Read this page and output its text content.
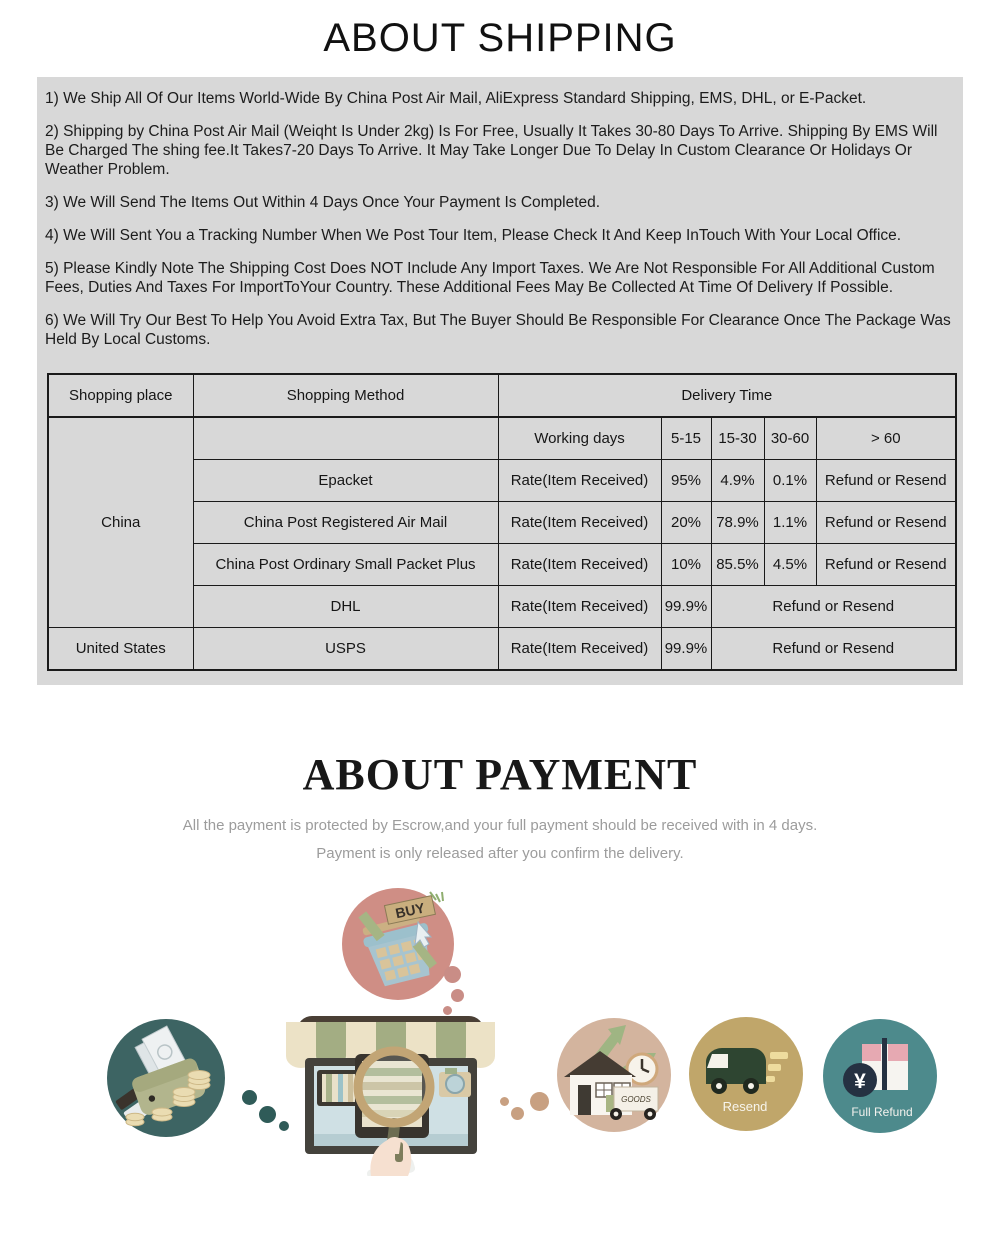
ABOUT SHIPPING

1) We Ship All Of Our Items World-Wide By China Post Air Mail, AliExpress Standard Shipping, EMS, DHL, or E-Packet.

2) Shipping by China Post Air Mail (Weiqht Is Under 2kg) Is For Free, Usually It Takes 30-80 Days To Arrive. Shipping By EMS Will Be Charged The shing fee.It Takes7-20 Days To Arrive. It May Take Longer Due To Delay In Custom Clearance Or Holidays Or Weather Problem.

3) We Will Send The Items Out Within 4 Days Once Your Payment Is Completed.

4) We Will Sent You a Tracking Number When We Post Tour Item, Please Check It And Keep InTouch With Your Local Office.

5) Please Kindly Note The Shipping Cost Does NOT Include Any Import Taxes. We Are Not Responsible For All Additional Custom Fees, Duties And Taxes For ImportToYour Country. These Additional Fees May Be Collected At Time Of Delivery If Possible.

6) We Will Try Our Best To Help You Avoid Extra Tax, But The Buyer Should Be Responsible For Clearance Once The Package Was Held By Local Customs.

Shopping place	Shopping Method	Delivery Time				
China		Working days	5-15	15-30	30-60	> 60
	Epacket	Rate(Item Received)	95%	4.9%	0.1%	Refund or Resend
	China Post Registered Air Mail	Rate(Item Received)	20%	78.9%	1.1%	Refund or Resend
	China Post Ordinary Small Packet Plus	Rate(Item Received)	10%	85.5%	4.5%	Refund or Resend
	DHL	Rate(Item Received)	99.9%	Refund or Resend		
United States	USPS	Rate(Item Received)	99.9%	Refund or Resend		
ABOUT PAYMENT

All the payment is protected by Escrow,and your full payment should be received with in 4 days.

Payment is only released after you confirm the delivery.

BUY
GOODS	Resend
¥
Full Refund
